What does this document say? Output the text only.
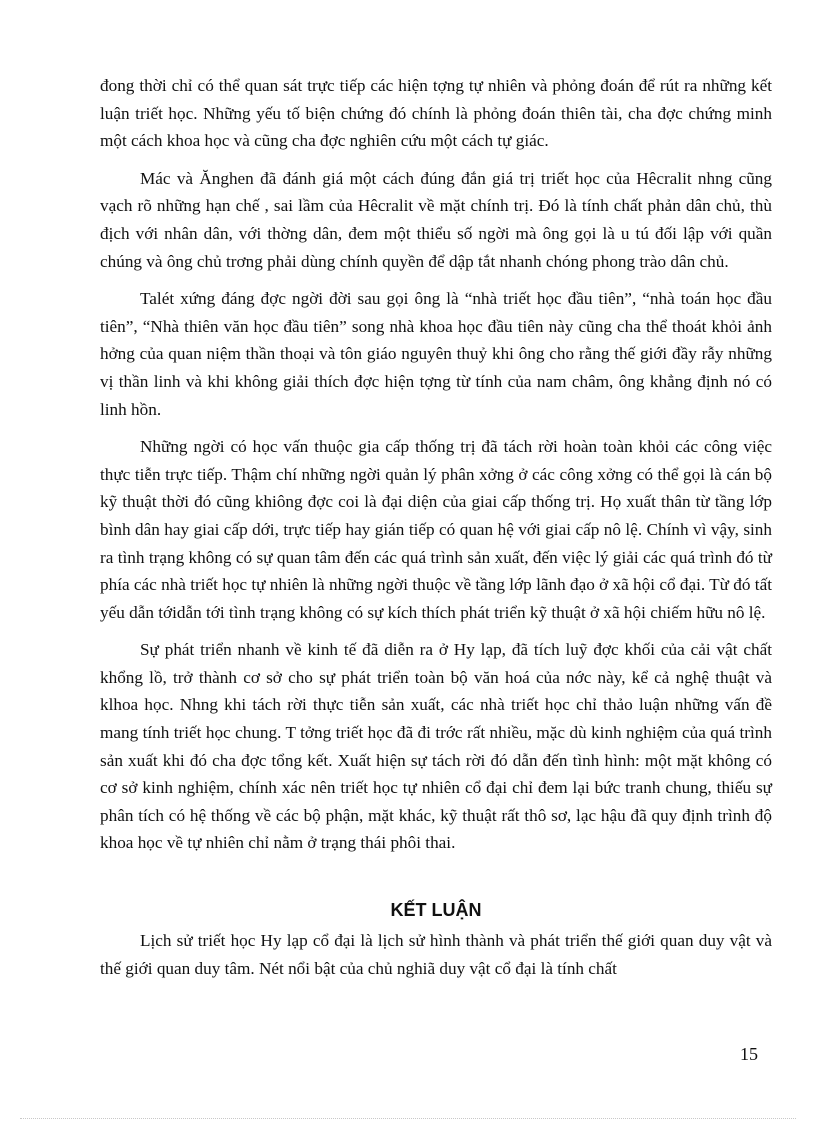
đong thời chỉ có thể quan sát trực tiếp các hiện tợng tự nhiên và phỏng đoán để rút ra những kết luận triết học. Những yếu tố biện chứng đó chính là phỏng đoán thiên tài, cha đợc chứng minh một cách khoa học và cũng cha đợc nghiên cứu một cách tự giác.

Mác và Ănghen đã đánh giá một cách đúng đắn giá trị triết học của Hêcralit nhng cũng vạch rõ những hạn chế , sai lầm của Hêcralit về mặt chính trị. Đó là tính chất phản dân chủ, thù địch với nhân dân, với thờng dân, đem một thiểu số ngời mà ông gọi là u tú đối lập với quần chúng và ông chủ trơng phải dùng chính quyền để dập tắt nhanh chóng phong trào dân chủ.

Talét xứng đáng đợc ngời đời sau gọi ông là “nhà triết học đầu tiên”, “nhà toán học đầu tiên”, “Nhà thiên văn học đầu tiên” song nhà khoa học đầu tiên này cũng cha thể thoát khỏi ảnh hởng của quan niệm thần thoại và tôn giáo nguyên thuỷ khi ông cho rằng thế giới đầy rẫy những vị thần linh và khi không giải thích đợc hiện tợng từ tính của nam châm, ông khẳng định nó có linh hồn.

Những ngời có học vấn thuộc gia cấp thống trị đã tách rời hoàn toàn khỏi các công việc thực tiễn trực tiếp. Thậm chí những ngời quản lý phân xởng ở các công xởng có thể gọi là cán bộ kỹ thuật thời đó cũng khiông đợc coi là đại diện của giai cấp thống trị. Họ xuất thân từ tầng lớp bình dân hay giai cấp dới, trực tiếp hay gián tiếp có quan hệ với giai cấp nô lệ. Chính vì vậy, sinh ra tình trạng không có sự quan tâm đến các quá trình sản xuất, đến việc lý giải các quá trình đó từ phía các nhà triết học tự nhiên là những ngời thuộc về tầng lớp lãnh đạo ở xã hội cổ đại. Từ đó tất yếu dẫn tớidẫn tới tình trạng không có sự kích thích phát triển kỹ thuật ở xã hội chiếm hữu nô lệ.

Sự phát triển nhanh về kinh tế đã diễn ra ở Hy lạp, đã tích luỹ đợc khối của cải vật chất khổng lồ, trở thành cơ sở cho sự phát triển toàn bộ văn hoá của nớc này, kể cả nghệ thuật và klhoa học. Nhng khi tách rời thực tiễn sản xuất, các nhà triết học chỉ thảo luận những vấn đề mang tính triết học chung. T tởng triết học đã đi trớc rất nhiều, mặc dù kinh nghiệm của quá trình sản xuất khi đó cha đợc tổng kết. Xuất hiện sự tách rời đó dẫn đến tình hình: một mặt không có cơ sở kinh nghiệm, chính xác nên triết học tự nhiên cổ đại chỉ đem lại bức tranh chung, thiếu sự phân tích có hệ thống về các bộ phận, mặt khác, kỹ thuật rất thô sơ, lạc hậu đã quy định trình độ khoa học về tự nhiên chỉ nằm ở trạng thái phôi thai.

KẾT LUẬN

Lịch sử triết học Hy lạp cổ đại là lịch sử hình thành và phát triển thế giới quan duy vật và thế giới quan duy tâm. Nét nổi bật của chủ nghiã duy vật cổ đại là tính chất

15
